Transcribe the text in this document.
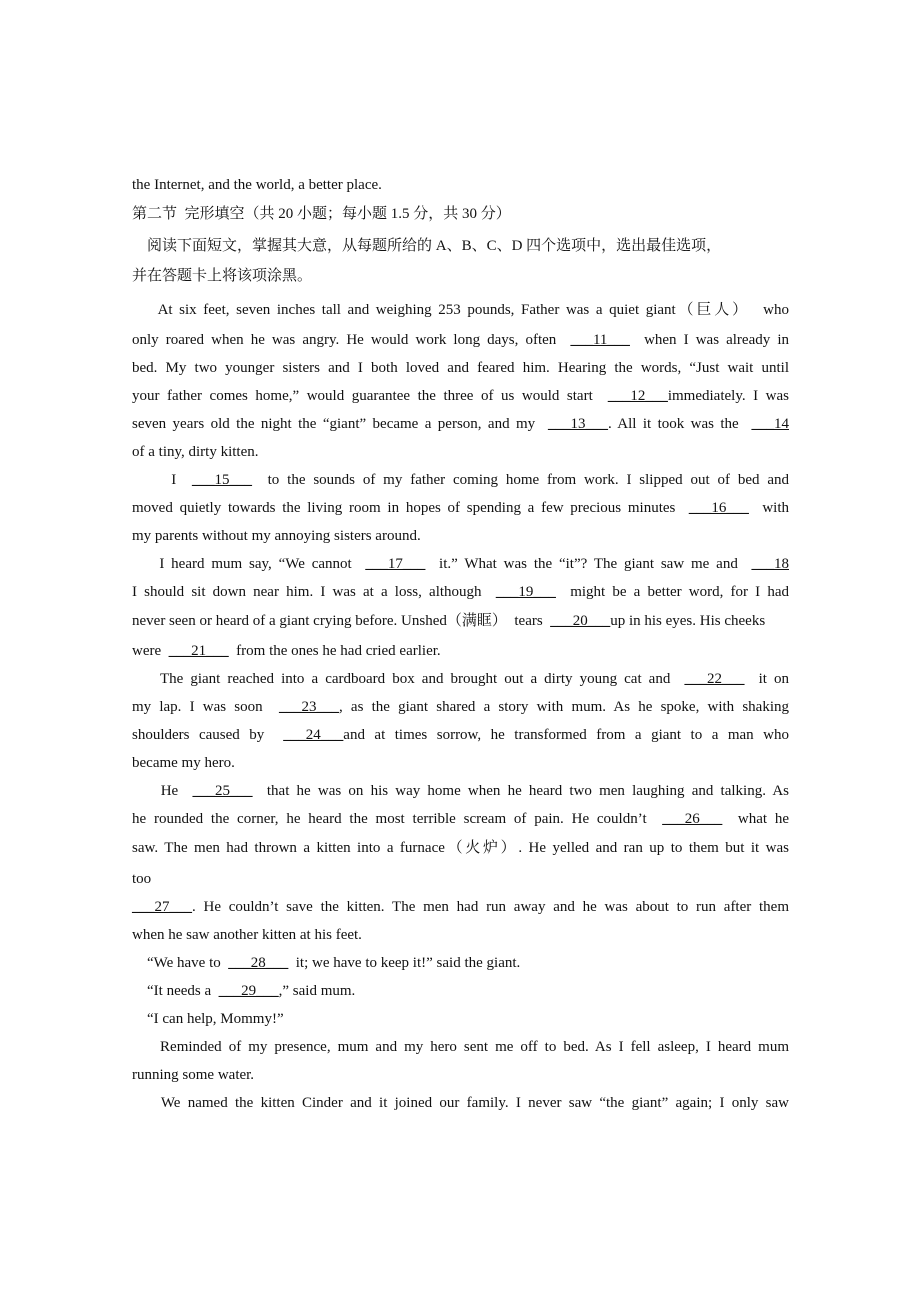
the Internet, and the world, a better place.
第二节  完形填空（共 20 小题；每小题 1.5 分，共 30 分）
阅读下面短文，掌握其大意，从每题所给的 A、B、C、D 四个选项中，选出最佳选项，
并在答题卡上将该项涂黑。
At six feet, seven inches tall and weighing 253 pounds, Father was a quiet giant（巨人）  who
only roared when he was angry. He would work long days, often  ___11___  when I was already in
bed. My two younger sisters and I both loved and feared him. Hearing the words, “Just wait until
your father comes home,” would guarantee the three of us would start  ___12___immediately. I was
seven years old the night the “giant” became a person, and my  ___13___. All it took was the  ___14
of a tiny, dirty kitten.
I  ___15___  to the sounds of my father coming home from work. I slipped out of bed and
moved quietly towards the living room in hopes of spending a few precious minutes  ___16___  with
my parents without my annoying sisters around.
I heard mum say, “We cannot  ___17___  it.” What was the “it”? The giant saw me and  ___18
I should sit down near him. I was at a loss, although  ___19___  might be a better word, for I had
never seen or heard of a giant crying before. Unshed（满眶）  tears  ___20___up in his eyes. His cheeks
were  ___21___  from the ones he had cried earlier.
The giant reached into a cardboard box and brought out a dirty young cat and  ___22___  it on
my lap. I was soon  ___23___, as the giant shared a story with mum. As he spoke, with shaking
shoulders caused by  ___24___and at times sorrow, he transformed from a giant to a man who
became my hero.
He  ___25___  that he was on his way home when he heard two men laughing and talking. As
he rounded the corner, he heard the most terrible scream of pain. He couldn’t  ___26___  what he
saw. The men had thrown a kitten into a furnace（火炉）. He yelled and ran up to them but it was
too
___27___. He couldn’t save the kitten. The men had run away and he was about to run after them
when he saw another kitten at his feet.
“We have to  ___28___  it; we have to keep it!” said the giant.
“It needs a  ___29___,” said mum.
“I can help, Mommy!”
Reminded of my presence, mum and my hero sent me off to bed. As I fell asleep, I heard mum
running some water.
We named the kitten Cinder and it joined our family. I never saw “the giant” again; I only saw
